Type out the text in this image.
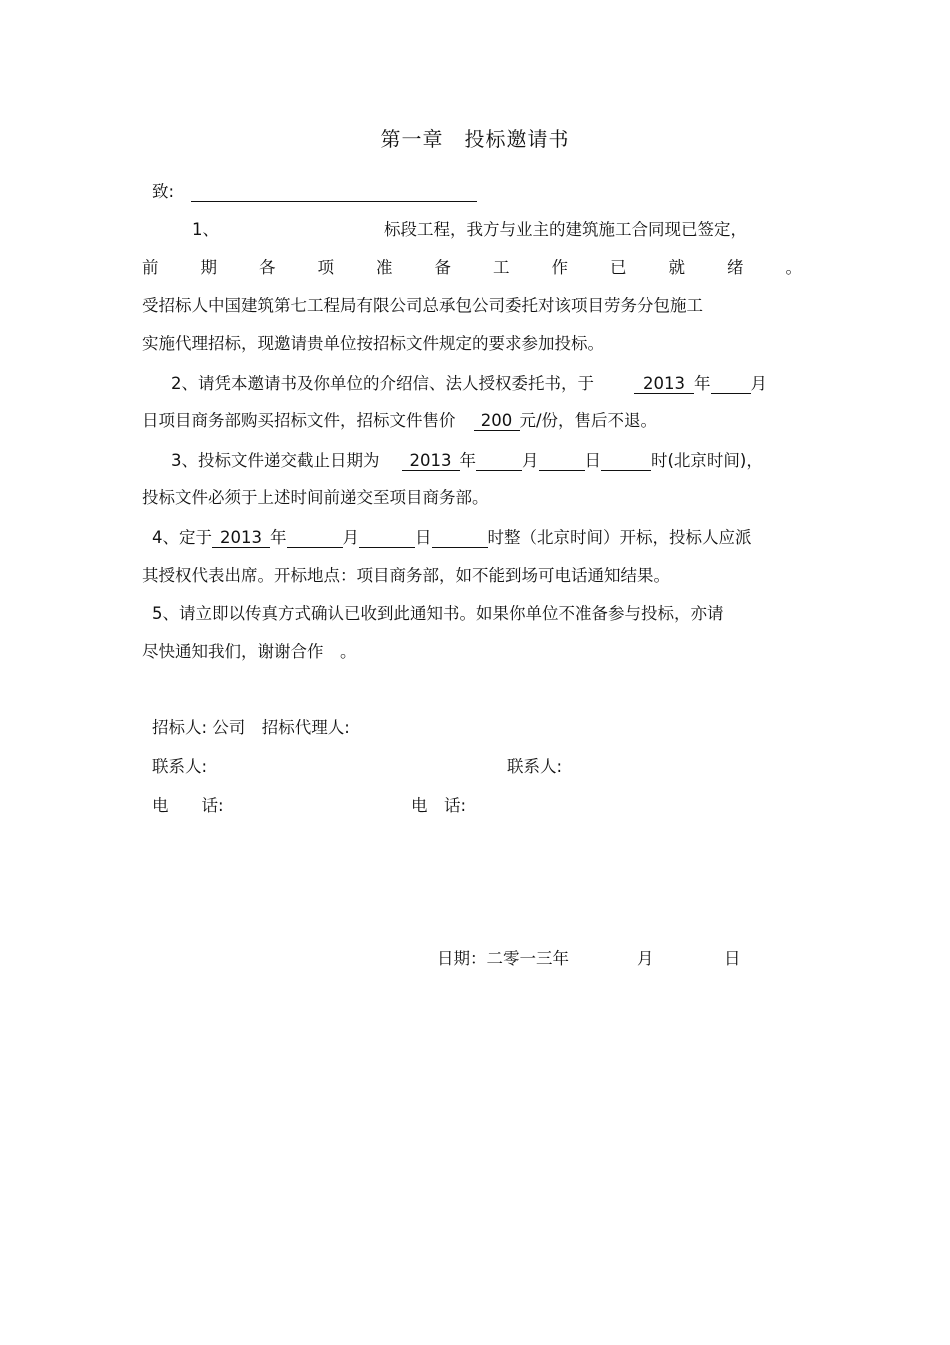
第一章　投标邀请书
致:
1、	标段工程，我方与业主的建筑施工合同现已签定，
前	期	各	项	准	备	工	作	已	就	绪	。
受招标人中国建筑第七工程局有限公司总承包公司委托对该项目劳务分包施工
实施代理招标，现邀请贵单位按招标文件规定的要求参加投标。
2、请凭本邀请书及你单位的介绍信、法人授权委托书，于	2013 年 月
日项目商务部购买招标文件，招标文件售价 200 元/份，售后不退。
3、投标文件递交截止日期为 2013 年	月	日	时(北京时间)，
投标文件必须于上述时间前递交至项目商务部。
4、定于 2013 年	月	日	时整（北京时间）开标，投标人应派
其授权代表出席。开标地点：项目商务部，如不能到场可电话通知结果。
5、请立即以传真方式确认已收到此通知书。如果你单位不准备参与投标，亦请
尽快通知我们，谢谢合作　。
招标人: 公司　招标代理人:
联系人:	联系人:
电　　话:	电　话:
日期：二零一三年	月	日
